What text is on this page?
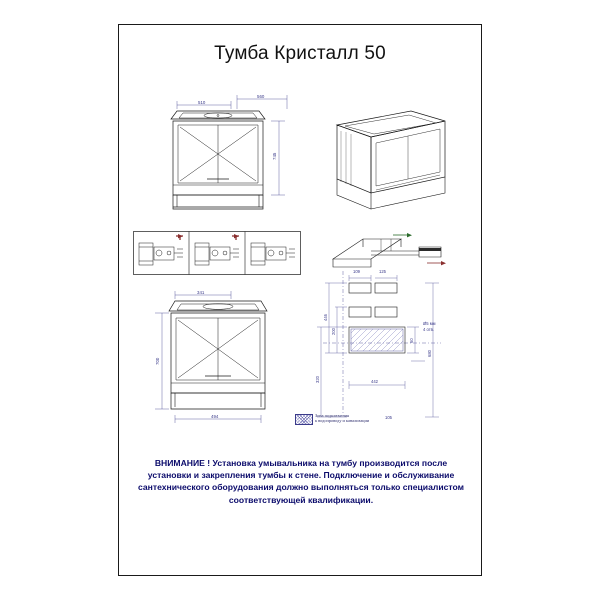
Тумба Кристалл 50
510
560
745
109	125
446
200
320
60
442
680
Ø5 мм
4 отв.
105
341
700
494	Зона подключения
к водопроводу и канализации
ВНИМАНИЕ ! Установка умывальника на тумбу производится после установки и закрепления тумбы к стене. Подключение и обслуживание сантехнического оборудования должно выполняться только специалистом соответствующей квалификации.
